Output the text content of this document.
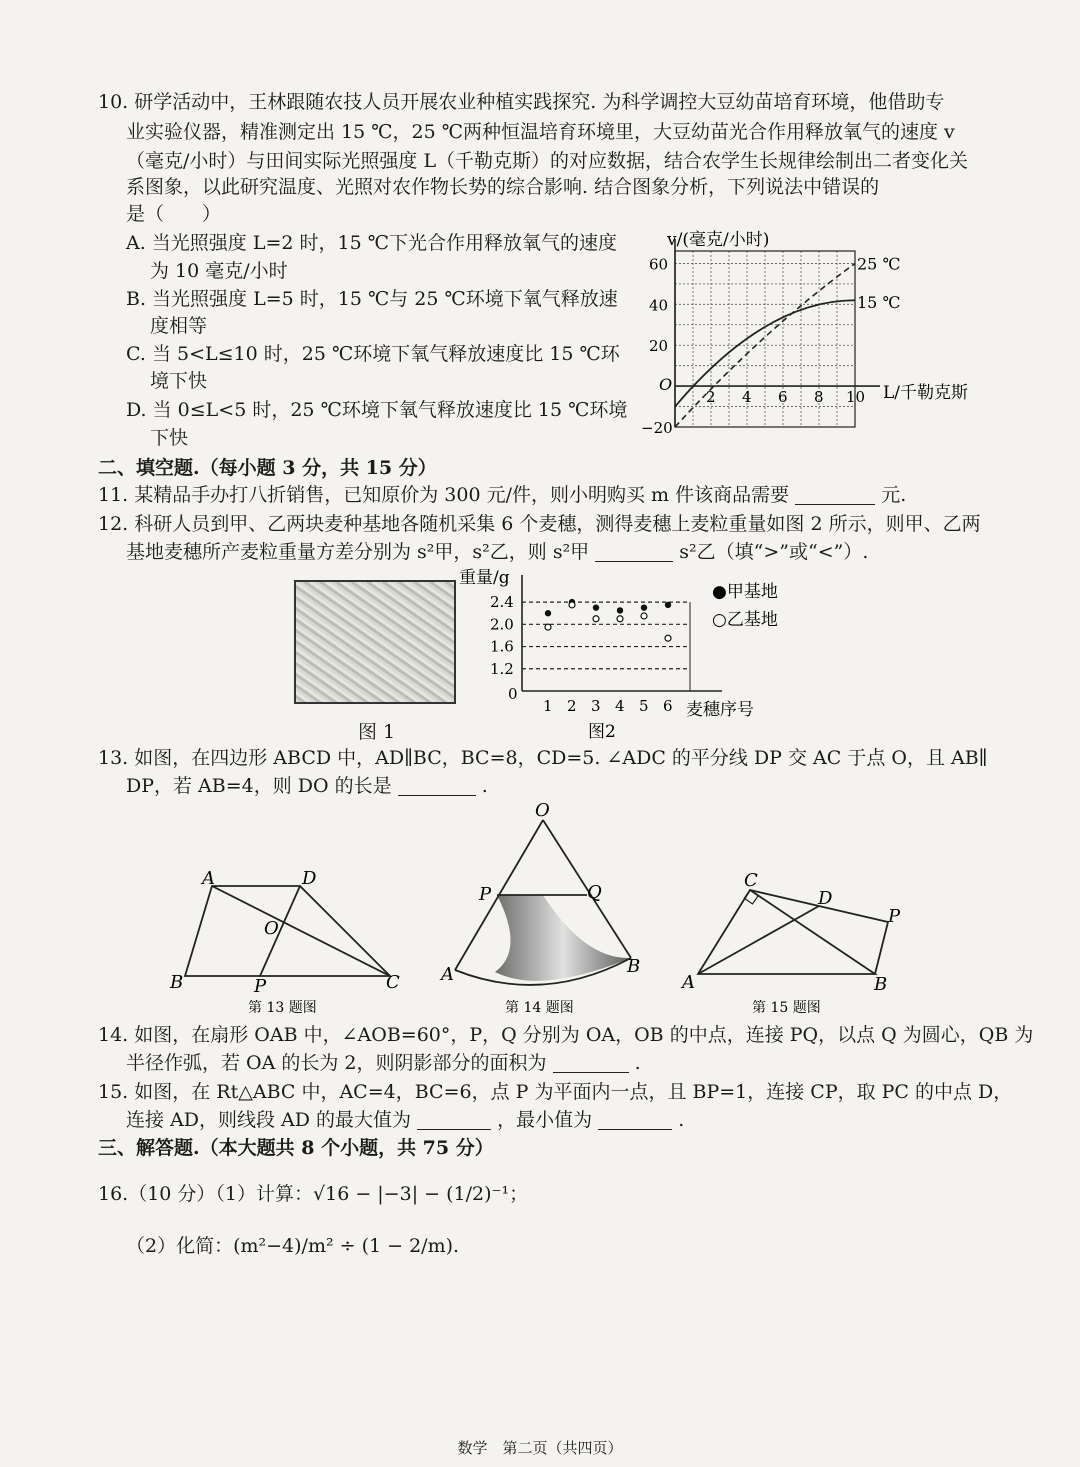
10. 研学活动中，王林跟随农技人员开展农业种植实践探究. 为科学调控大豆幼苗培育环境，他借助专
业实验仪器，精准测定出 15 ℃，25 ℃两种恒温培育环境里，大豆幼苗光合作用释放氧气的速度 v
（毫克/小时）与田间实际光照强度 L（千勒克斯）的对应数据，结合农学生长规律绘制出二者变化关
系图象，以此研究温度、光照对农作物长势的综合影响. 结合图象分析，下列说法中错误的
是（　　）
A. 当光照强度 L=2 时，15 ℃下光合作用释放氧气的速度
为 10 毫克/小时
B. 当光照强度 L=5 时，15 ℃与 25 ℃环境下氧气释放速
度相等
C. 当 5<L≤10 时，25 ℃环境下氧气释放速度比 15 ℃环
境下快
D. 当 0≤L<5 时，25 ℃环境下氧气释放速度比 15 ℃环境
下快
v/(毫克/小时)
L/千勒克斯
O
2 4 6 8 10
60
40
20
−20
25 ℃
15 ℃
二、填空题.（每小题 3 分，共 15 分）
11. 某精品手办打八折销售，已知原价为 300 元/件，则小明购买 m 件该商品需要	元.
12. 科研人员到甲、乙两块麦种基地各随机采集 6 个麦穗，测得麦穗上麦粒重量如图 2 所示，则甲、乙两
基地麦穗所产麦粒重量方差分别为 s²甲，s²乙，则 s²甲	s²乙（填“>”或“<”）.
图 1
重量/g
麦穗序号
0
2.4
2.0
1.6
1.2
1 2 3 4 5 6
●甲基地
○乙基地
图2
13. 如图，在四边形 ABCD 中，AD∥BC，BC=8，CD=5. ∠ADC 的平分线 DP 交 AC 于点 O，且 AB∥
DP，若 AB=4，则 DO 的长是	.
A	D
O
B	P	C
第 13 题图
O
P	Q
A	B
第 14 题图
C
D
P
A	B
第 15 题图
14. 如图，在扇形 OAB 中，∠AOB=60°，P，Q 分别为 OA，OB 的中点，连接 PQ，以点 Q 为圆心，QB 为
半径作弧，若 OA 的长为 2，则阴影部分的面积为	.
15. 如图，在 Rt△ABC 中，AC=4，BC=6，点 P 为平面内一点，且 BP=1，连接 CP，取 PC 的中点 D，
连接 AD，则线段 AD 的最大值为	，最小值为	.
三、解答题.（本大题共 8 个小题，共 75 分）
16.（10 分）（1）计算：√16 − |−3| − (1/2)⁻¹；
（2）化简：(m²−4)/m² ÷ (1 − 2/m).
数学　第二页（共四页）
